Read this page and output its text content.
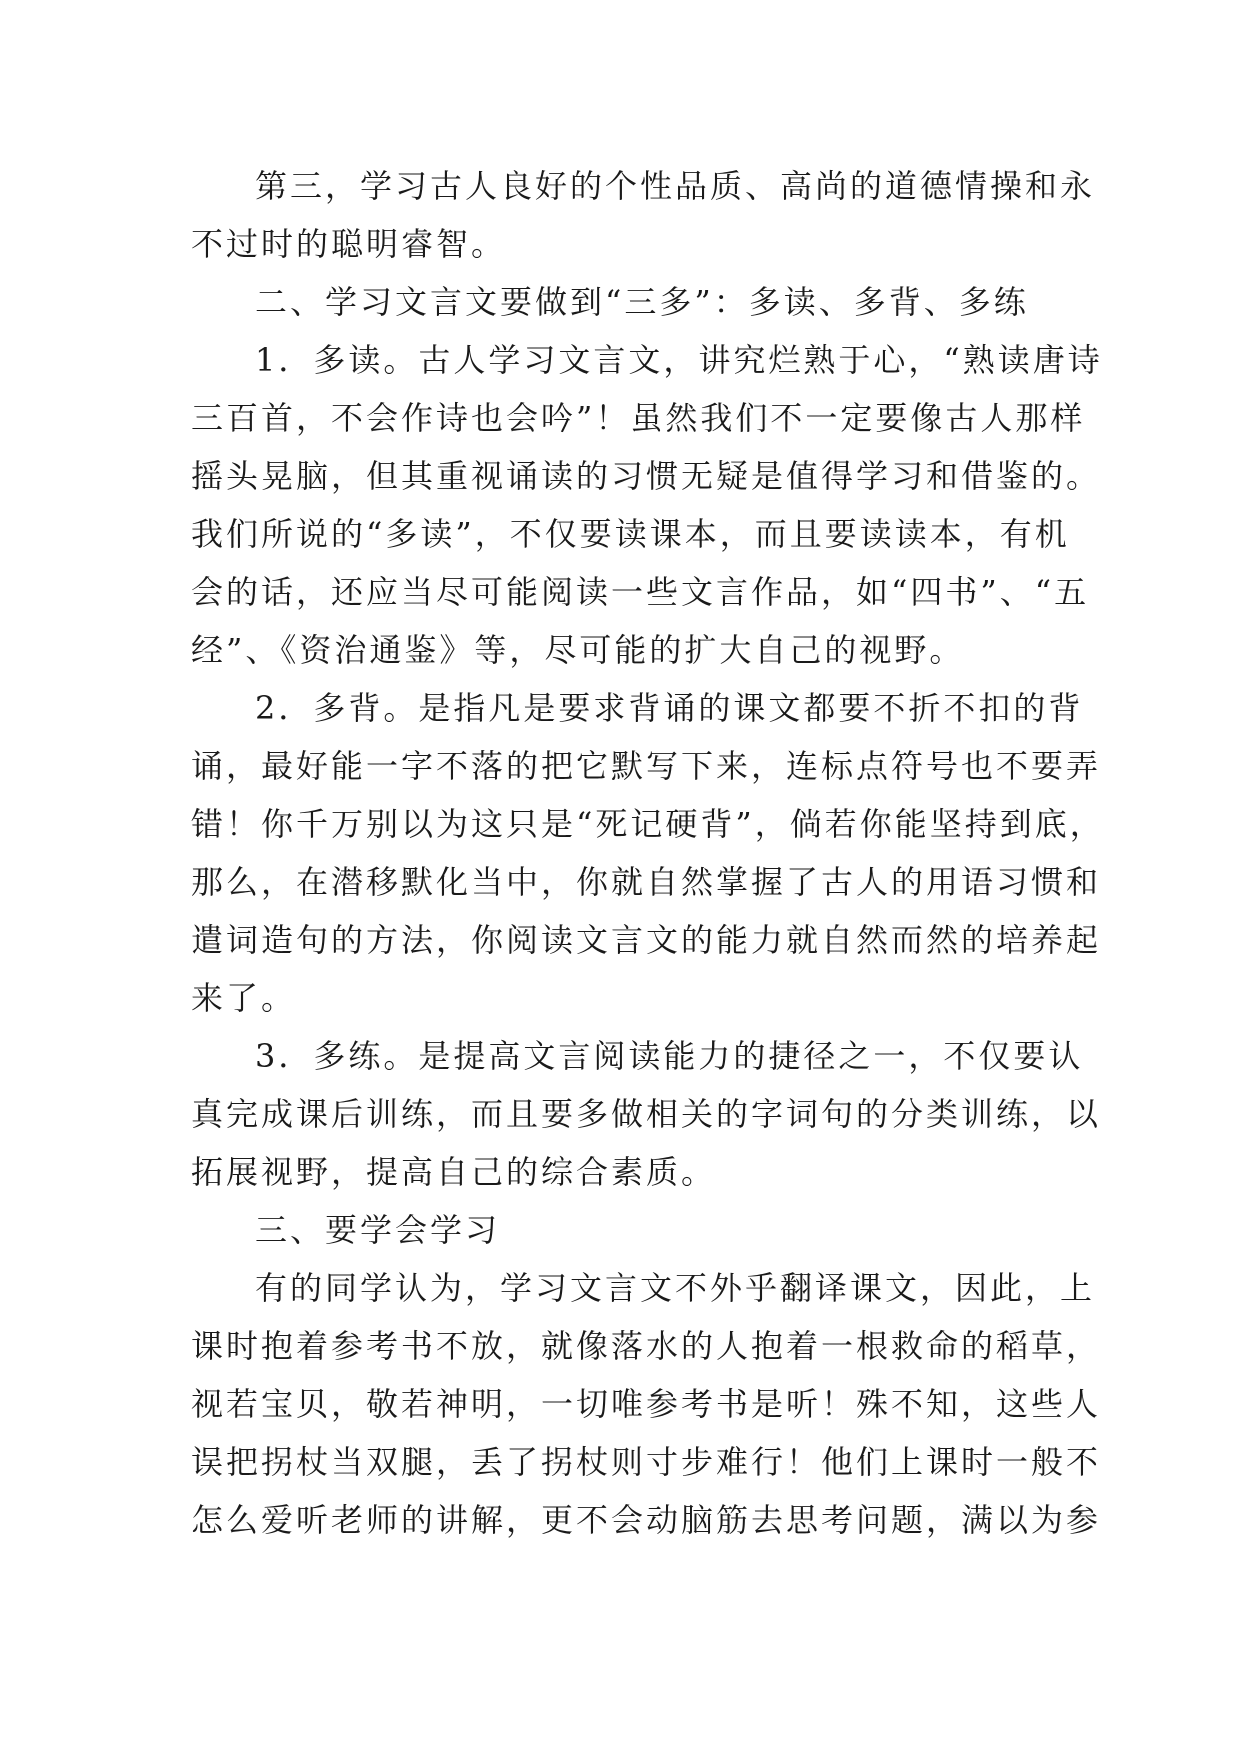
第三，学习古人良好的个性品质、高尚的道德情操和永
不过时的聪明睿智。
二、学习文言文要做到“三多”：多读、多背、多练
1．多读。古人学习文言文，讲究烂熟于心，“熟读唐诗
三百首，不会作诗也会吟”！虽然我们不一定要像古人那样
摇头晃脑，但其重视诵读的习惯无疑是值得学习和借鉴的。
我们所说的“多读”，不仅要读课本，而且要读读本，有机
会的话，还应当尽可能阅读一些文言作品，如“四书”、“五
经”、《资治通鉴》等，尽可能的扩大自己的视野。
2．多背。是指凡是要求背诵的课文都要不折不扣的背
诵，最好能一字不落的把它默写下来，连标点符号也不要弄
错！你千万别以为这只是“死记硬背”，倘若你能坚持到底，
那么，在潜移默化当中，你就自然掌握了古人的用语习惯和
遣词造句的方法，你阅读文言文的能力就自然而然的培养起
来了。
3．多练。是提高文言阅读能力的捷径之一，不仅要认
真完成课后训练，而且要多做相关的字词句的分类训练，以
拓展视野，提高自己的综合素质。
三、要学会学习
有的同学认为，学习文言文不外乎翻译课文，因此，上
课时抱着参考书不放，就像落水的人抱着一根救命的稻草，
视若宝贝，敬若神明，一切唯参考书是听！殊不知，这些人
误把拐杖当双腿，丢了拐杖则寸步难行！他们上课时一般不
怎么爱听老师的讲解，更不会动脑筋去思考问题，满以为参
